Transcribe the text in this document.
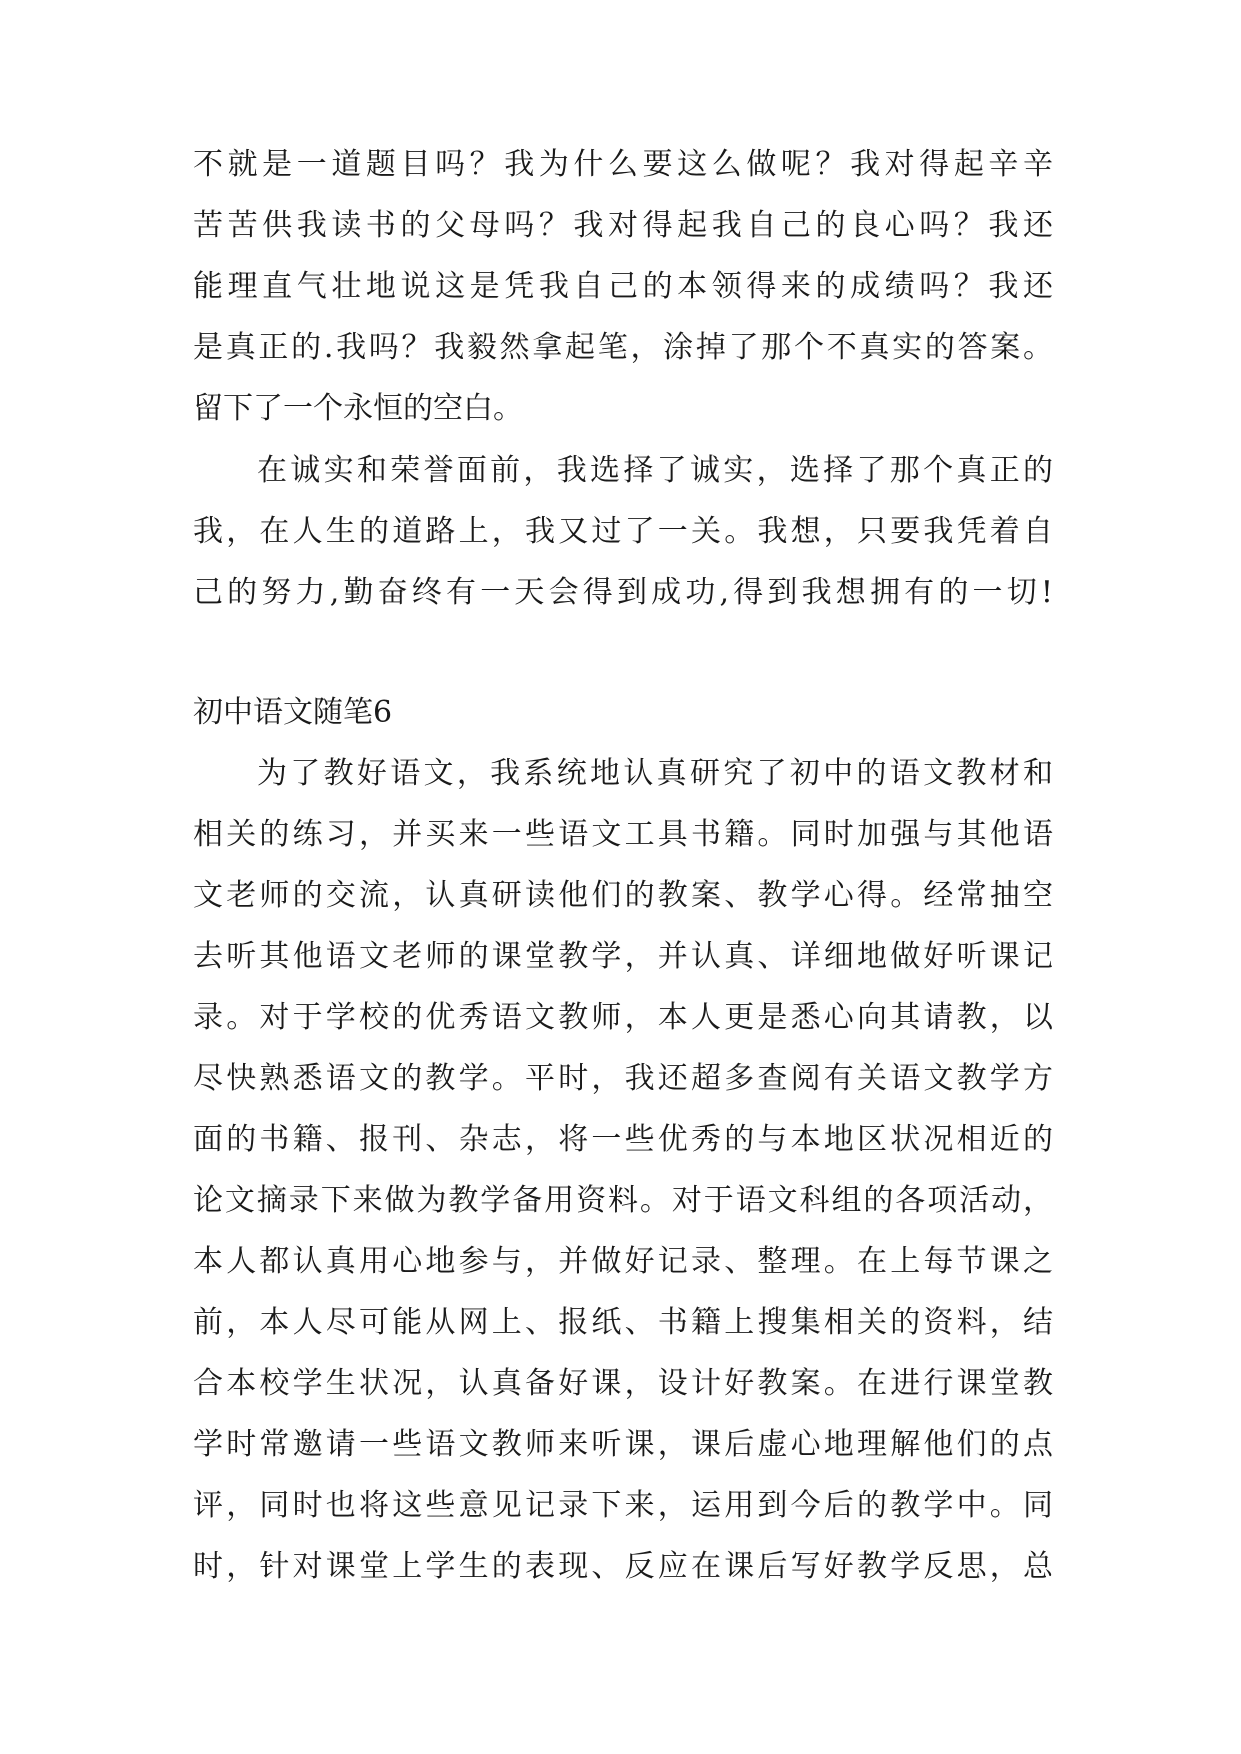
不就是一道题目吗？我为什么要这么做呢？我对得起辛辛
苦苦供我读书的父母吗？我对得起我自己的良心吗？我还
能理直气壮地说这是凭我自己的本领得来的成绩吗？我还
是真正的.我吗？我毅然拿起笔，涂掉了那个不真实的答案。
留下了一个永恒的空白。
在诚实和荣誉面前，我选择了诚实，选择了那个真正的
我，在人生的道路上，我又过了一关。我想，只要我凭着自
己的努力,勤奋终有一天会得到成功,得到我想拥有的一切!
初中语文随笔6
为了教好语文，我系统地认真研究了初中的语文教材和
相关的练习，并买来一些语文工具书籍。同时加强与其他语
文老师的交流，认真研读他们的教案、教学心得。经常抽空
去听其他语文老师的课堂教学，并认真、详细地做好听课记
录。对于学校的优秀语文教师，本人更是悉心向其请教，以
尽快熟悉语文的教学。平时，我还超多查阅有关语文教学方
面的书籍、报刊、杂志，将一些优秀的与本地区状况相近的
论文摘录下来做为教学备用资料。对于语文科组的各项活动，
本人都认真用心地参与，并做好记录、整理。在上每节课之
前，本人尽可能从网上、报纸、书籍上搜集相关的资料，结
合本校学生状况，认真备好课，设计好教案。在进行课堂教
学时常邀请一些语文教师来听课，课后虚心地理解他们的点
评，同时也将这些意见记录下来，运用到今后的教学中。同
时，针对课堂上学生的表现、反应在课后写好教学反思，总
